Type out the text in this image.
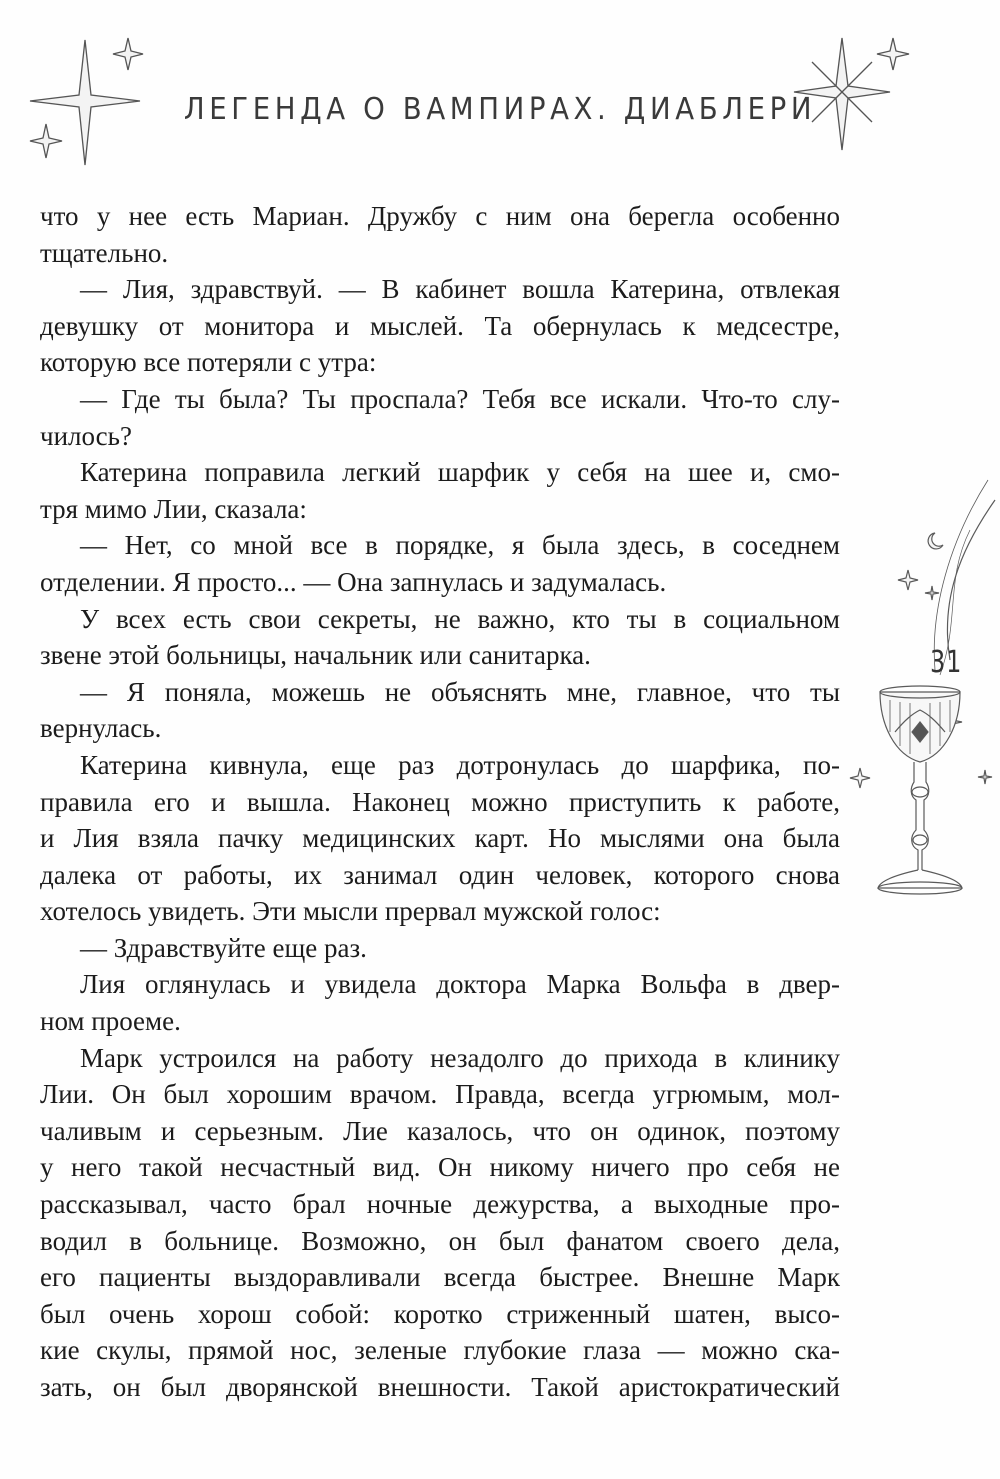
ЛЕГЕНДА О ВАМПИРАХ. ДИАБЛЕРИ
что у нее есть Мариан. Дружбу с ним она берегла особенно
тщательно.
— Лия, здравствуй. — В кабинет вошла Катерина, отвлекая
девушку от монитора и мыслей. Та обернулась к медсестре,
которую все потеряли с утра:
— Где ты была? Ты проспала? Тебя все искали. Что-то слу-
чилось?
Катерина поправила легкий шарфик у себя на шее и, смо-
тря мимо Лии, сказала:
— Нет, со мной все в порядке, я была здесь, в соседнем
отделении. Я просто... — Она запнулась и задумалась.
У всех есть свои секреты, не важно, кто ты в социальном
звене этой больницы, начальник или санитарка.
— Я поняла, можешь не объяснять мне, главное, что ты
вернулась.
Катерина кивнула, еще раз дотронулась до шарфика, по-
правила его и вышла. Наконец можно приступить к работе,
и Лия взяла пачку медицинских карт. Но мыслями она была
далека от работы, их занимал один человек, которого снова
хотелось увидеть. Эти мысли прервал мужской голос:
— Здравствуйте еще раз.
Лия оглянулась и увидела доктора Марка Вольфа в двер-
ном проеме.
Марк устроился на работу незадолго до прихода в клинику
Лии. Он был хорошим врачом. Правда, всегда угрюмым, мол-
чаливым и серьезным. Лие казалось, что он одинок, поэтому
у него такой несчастный вид. Он никому ничего про себя не
рассказывал, часто брал ночные дежурства, а выходные про-
водил в больнице. Возможно, он был фанатом своего дела,
его пациенты выздоравливали всегда быстрее. Внешне Марк
был очень хорош собой: коротко стриженный шатен, высо-
кие скулы, прямой нос, зеленые глубокие глаза — можно ска-
зать, он был дворянской внешности. Такой аристократический
31
